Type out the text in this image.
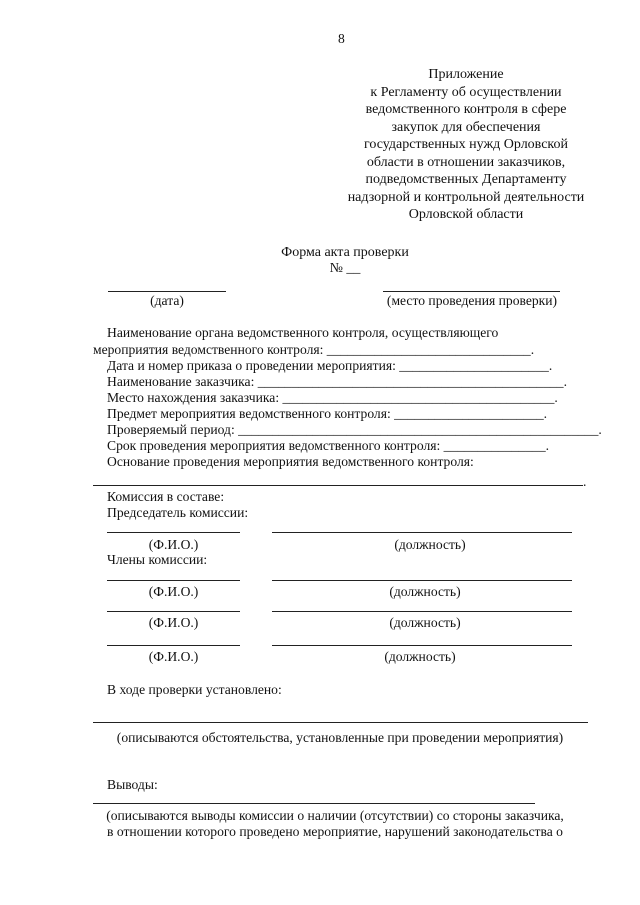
8
Приложение
к Регламенту об осуществлении
ведомственного контроля в сфере
закупок для обеспечения
государственных нужд Орловской
области в отношении заказчиков,
подведомственных Департаменту
надзорной и контрольной деятельности
Орловской области
Форма акта проверки
№ __
(дата)	(место проведения проверки)
Наименование органа ведомственного контроля, осуществляющего
мероприятия ведомственного контроля: ______________________________.
Дата и номер приказа о проведении мероприятия: ______________________.
Наименование заказчика: _____________________________________________.
Место нахождения заказчика: ________________________________________.
Предмет мероприятия ведомственного контроля: ______________________.
Проверяемый период: _____________________________________________________.
Срок проведения мероприятия ведомственного контроля: _______________.
Основание проведения мероприятия ведомственного контроля:
.
Комиссия в составе:
Председатель комиссии:
(Ф.И.О.)	(должность)
Члены комиссии:
(Ф.И.О.)	(должность)
(Ф.И.О.)	(должность)
(Ф.И.О.)	(должность)
В ходе проверки установлено:
(описываются обстоятельства, установленные при проведении мероприятия)
Выводы:
(описываются выводы комиссии о наличии (отсутствии) со стороны заказчика,
в отношении которого проведено мероприятие, нарушений законодательства о
